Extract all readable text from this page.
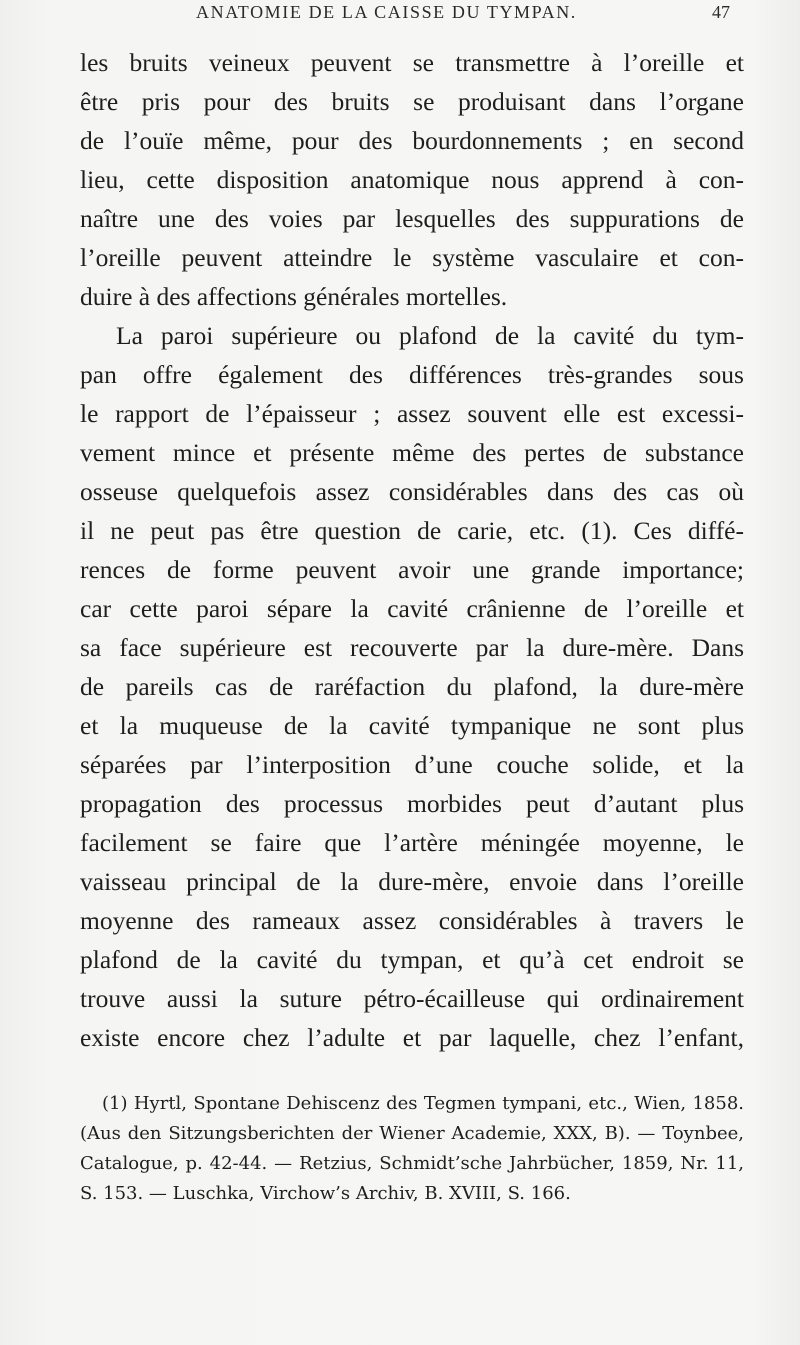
ANATOMIE DE LA CAISSE DU TYMPAN.	47
les bruits veineux peuvent se transmettre à l’oreille et
être pris pour des bruits se produisant dans l’organe
de l’ouïe même, pour des bourdonnements ; en second
lieu, cette disposition anatomique nous apprend à con-
naître une des voies par lesquelles des suppurations de
l’oreille peuvent atteindre le système vasculaire et con-
duire à des affections générales mortelles.
La paroi supérieure ou plafond de la cavité du tym-
pan offre également des différences très-grandes sous
le rapport de l’épaisseur ; assez souvent elle est excessi-
vement mince et présente même des pertes de substance
osseuse quelquefois assez considérables dans des cas où
il ne peut pas être question de carie, etc. (1). Ces diffé-
rences de forme peuvent avoir une grande importance;
car cette paroi sépare la cavité crânienne de l’oreille et
sa face supérieure est recouverte par la dure-mère. Dans
de pareils cas de raréfaction du plafond, la dure-mère
et la muqueuse de la cavité tympanique ne sont plus
séparées par l’interposition d’une couche solide, et la
propagation des processus morbides peut d’autant plus
facilement se faire que l’artère méningée moyenne, le
vaisseau principal de la dure-mère, envoie dans l’oreille
moyenne des rameaux assez considérables à travers le
plafond de la cavité du tympan, et qu’à cet endroit se
trouve aussi la suture pétro-écailleuse qui ordinairement
existe encore chez l’adulte et par laquelle, chez l’enfant,
(1) Hyrtl, Spontane Dehiscenz des Tegmen tympani, etc., Wien, 1858.
(Aus den Sitzungsberichten der Wiener Academie, XXX, B). — Toynbee,
Catalogue, p. 42-44. — Retzius, Schmidt’sche Jahrbücher, 1859, Nr. 11,
S. 153. — Luschka, Virchow’s Archiv, B. XVIII, S. 166.
